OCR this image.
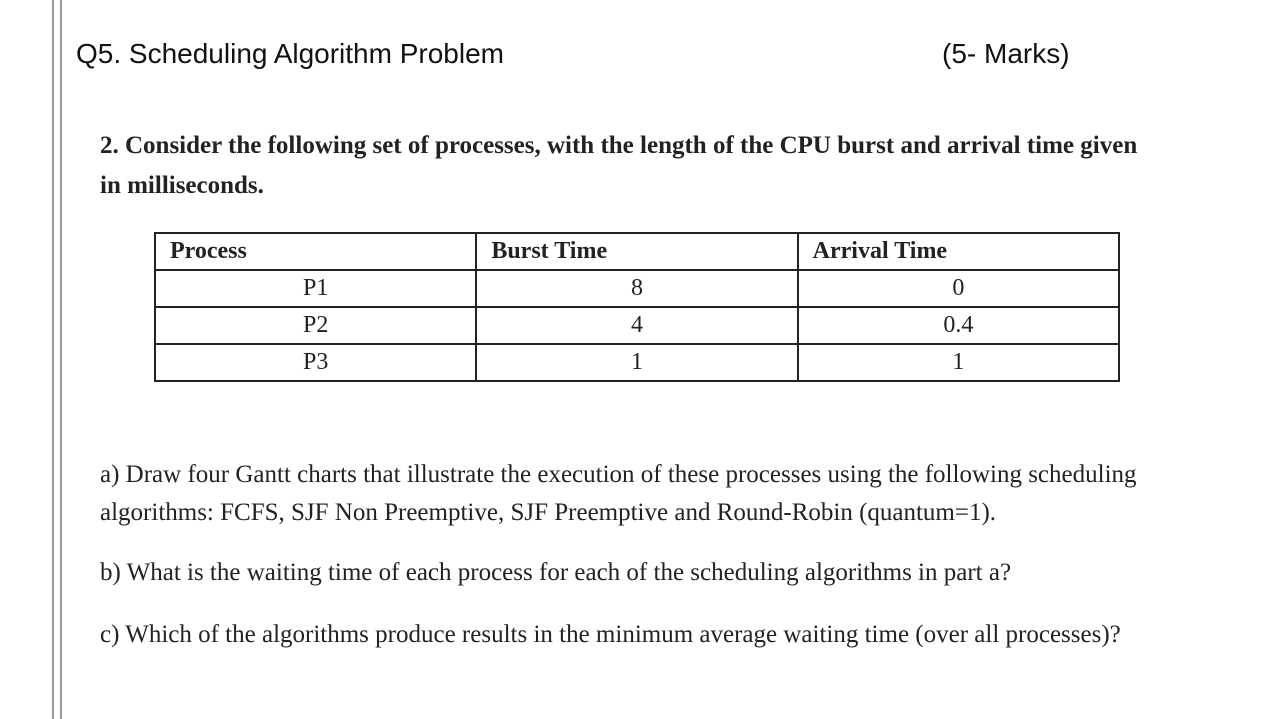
Q5. Scheduling Algorithm Problem	(5- Marks)
2. Consider the following set of processes, with the length of the CPU burst and arrival time given
in milliseconds.
Process	Burst Time	Arrival Time
P1	8	0
P2	4	0.4
P3	1	1

a) Draw four Gantt charts that illustrate the execution of these processes using the following scheduling
algorithms: FCFS, SJF Non Preemptive, SJF Preemptive and Round-Robin (quantum=1).

b) What is the waiting time of each process for each of the scheduling algorithms in part a?

c) Which of the algorithms produce results in the minimum average waiting time (over all processes)?
